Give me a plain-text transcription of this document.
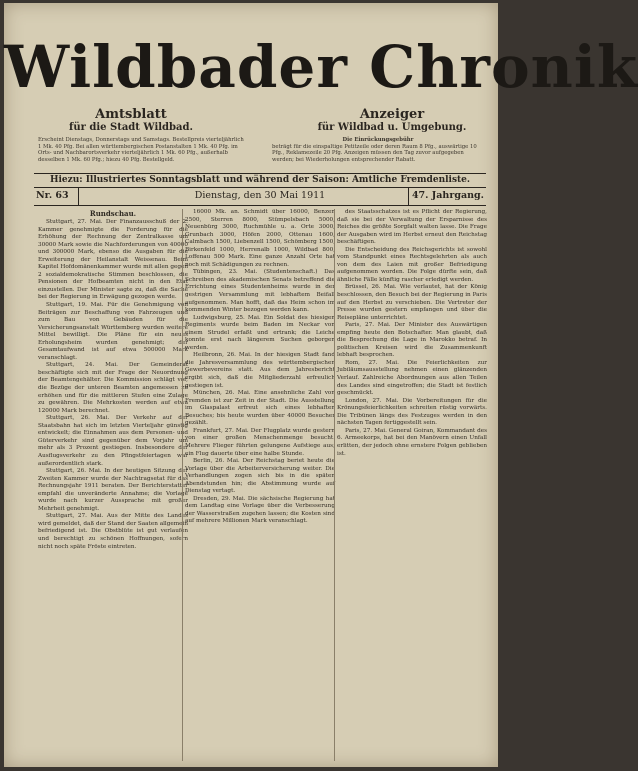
Wildbader Chronik
Amtsblatt
für die Stadt Wildbad.
Anzeiger
für Wildbad u. Umgebung.
Erscheint Dienstags, Donnerstags und Samstags. Bestellpreis vierteljährlich 1 Mk. 40 Pfg. Bei allen württembergischen Postanstalten 1 Mk. 40 Pfg. im Orts- und Nachbarortsverkehr vierteljährlich 1 Mk. 60 Pfg., außerhalb desselben 1 Mk. 60 Pfg.; hiezu 40 Pfg. Bestellgeld.
Die Einrückungsgebühr
beträgt für die einspaltige Petitzeile oder deren Raum 8 Pfg., auswärtige 10 Pfg., Reklamezeile 20 Pfg. Anzeigen müssen den Tag zuvor aufgegeben werden; bei Wiederholungen entsprechender Rabatt.
Hiezu: Illustriertes Sonntagsblatt und während der Saison: Amtliche Fremdenliste.
Nr. 63	Dienstag, den 30 Mai 1911	47. Jahrgang.
Rundschau.

Stuttgart, 27. Mai. Der Finanzausschuß der 2. Kammer genehmigte die Forderung für die Erhöhung der Rechnung der Zentralkasse um 30000 Mark sowie die Nachforderungen von 40000 und 300000 Mark, ebenso die Ausgaben für die Erweiterung der Heilanstalt Weissenau. Beim Kapitel Hofdomänenkammer wurde mit allen gegen 2 sozialdemokratische Stimmen beschlossen, die Pensionen der Hofbeamten nicht in den Etat einzustellen. Der Minister sagte zu, daß die Sache bei der Regierung in Erwägung gezogen werde.

Stuttgart, 19. Mai. Für die Genehmigung von Beiträgen zur Beschaffung von Fahrzeugen und zum Bau von Gebäuden für die Versicherungsanstalt Württemberg wurden weitere Mittel bewilligt. Die Pläne für ein neues Erholungsheim wurden genehmigt; der Gesamtaufwand ist auf etwa 500000 Mark veranschlagt.

Stuttgart, 24. Mai. Der Gemeinderat beschäftigte sich mit der Frage der Neuordnung der Beamtengehälter. Die Kommission schlägt vor, die Bezüge der unteren Beamten angemessen zu erhöhen und für die mittleren Stufen eine Zulage zu gewähren. Die Mehrkosten werden auf etwa 120000 Mark berechnet.

Stuttgart, 26. Mai. Der Verkehr auf der Staatsbahn hat sich im letzten Vierteljahr günstig entwickelt; die Einnahmen aus dem Personen- und Güterverkehr sind gegenüber dem Vorjahr um mehr als 3 Prozent gestiegen. Insbesondere der Ausflugsverkehr zu den Pfingstfeiertagen war außerordentlich stark.

Stuttgart, 26. Mai. In der heutigen Sitzung der Zweiten Kammer wurde der Nachtragsetat für das Rechnungsjahr 1911 beraten. Der Berichterstatter empfahl die unveränderte Annahme; die Vorlage wurde nach kurzer Aussprache mit großer Mehrheit genehmigt.

Stuttgart, 27. Mai. Aus der Mitte des Landes wird gemeldet, daß der Stand der Saaten allgemein befriedigend ist. Die Obstblüte ist gut verlaufen und berechtigt zu schönen Hoffnungen, sofern nicht noch späte Fröste eintreten.

16000 Mk. an. Schmidt über 16000, Benzen 2500, Sterren 8000, Stümpelsbach 5000, Neuenbürg 3000, Ruchmühle u. a. Orte 3000, Grunbach 3000, Höfen 2000, Ottenau 1600, Calmbach 1500, Liebenzell 1500, Schömberg 1500, Birkenfeld 1000, Herrenalb 1000, Wildbad 800, Loffenau 500 Mark. Eine ganze Anzahl Orte hat noch mit Schädigungen zu rechnen.

Tübingen, 23. Mai. (Studentenschaft.) Das Schreiben des akademischen Senats betreffend die Errichtung eines Studentenheims wurde in der gestrigen Versammlung mit lebhaftem Beifall aufgenommen. Man hofft, daß das Heim schon im kommenden Winter bezogen werden kann.

Ludwigsburg, 25. Mai. Ein Soldat des hiesigen Regiments wurde beim Baden im Neckar von einem Strudel erfaßt und ertrank; die Leiche konnte erst nach längerem Suchen geborgen werden.

Heilbronn, 26. Mai. In der hiesigen Stadt fand die Jahresversammlung des württembergischen Gewerbevereins statt. Aus dem Jahresbericht ergibt sich, daß die Mitgliederzahl erfreulich gestiegen ist.

München, 26. Mai. Eine ansehnliche Zahl von Fremden ist zur Zeit in der Stadt. Die Ausstellung im Glaspalast erfreut sich eines lebhaften Besuches; bis heute wurden über 40000 Besucher gezählt.

Frankfurt, 27. Mai. Der Flugplatz wurde gestern von einer großen Menschenmenge besucht. Mehrere Flieger führten gelungene Aufstiege aus; ein Flug dauerte über eine halbe Stunde.

Berlin, 26. Mai. Der Reichstag beriet heute die Vorlage über die Arbeiterversicherung weiter. Die Verhandlungen zogen sich bis in die späten Abendstunden hin; die Abstimmung wurde auf Dienstag vertagt.

Dresden, 29. Mai. Die sächsische Regierung hat dem Landtag eine Vorlage über die Verbesserung der Wasserstraßen zugehen lassen; die Kosten sind auf mehrere Millionen Mark veranschlagt.

des Staatsschatzes ist es Pflicht der Regierung, daß sie bei der Verwaltung der Ersparnisse des Reiches die größte Sorgfalt walten lasse. Die Frage der Ausgaben wird im Herbst erneut den Reichstag beschäftigen.

Die Entscheidung des Reichsgerichts ist sowohl vom Standpunkt eines Rechtsgelehrten als auch von dem des Laien mit großer Befriedigung aufgenommen worden. Die Folge dürfte sein, daß ähnliche Fälle künftig rascher erledigt werden.

Brüssel, 26. Mai. Wie verlautet, hat der König beschlossen, den Besuch bei der Regierung in Paris auf den Herbst zu verschieben. Die Vertreter der Presse wurden gestern empfangen und über die Reisepläne unterrichtet.

Paris, 27. Mai. Der Minister des Auswärtigen empfing heute den Botschafter. Man glaubt, daß die Besprechung die Lage in Marokko betraf. In politischen Kreisen wird die Zusammenkunft lebhaft besprochen.

Rom, 27. Mai. Die Feierlichkeiten zur Jubiläumsausstellung nehmen einen glänzenden Verlauf. Zahlreiche Abordnungen aus allen Teilen des Landes sind eingetroffen; die Stadt ist festlich geschmückt.

London, 27. Mai. Die Vorbereitungen für die Krönungsfeierlichkeiten schreiten rüstig vorwärts. Die Tribünen längs des Festzuges werden in den nächsten Tagen fertiggestellt sein.

Paris, 27. Mai. General Goiran, Kommandant des 6. Armeekorps, hat bei den Manövern einen Unfall erlitten, der jedoch ohne ernstere Folgen geblieben ist.
